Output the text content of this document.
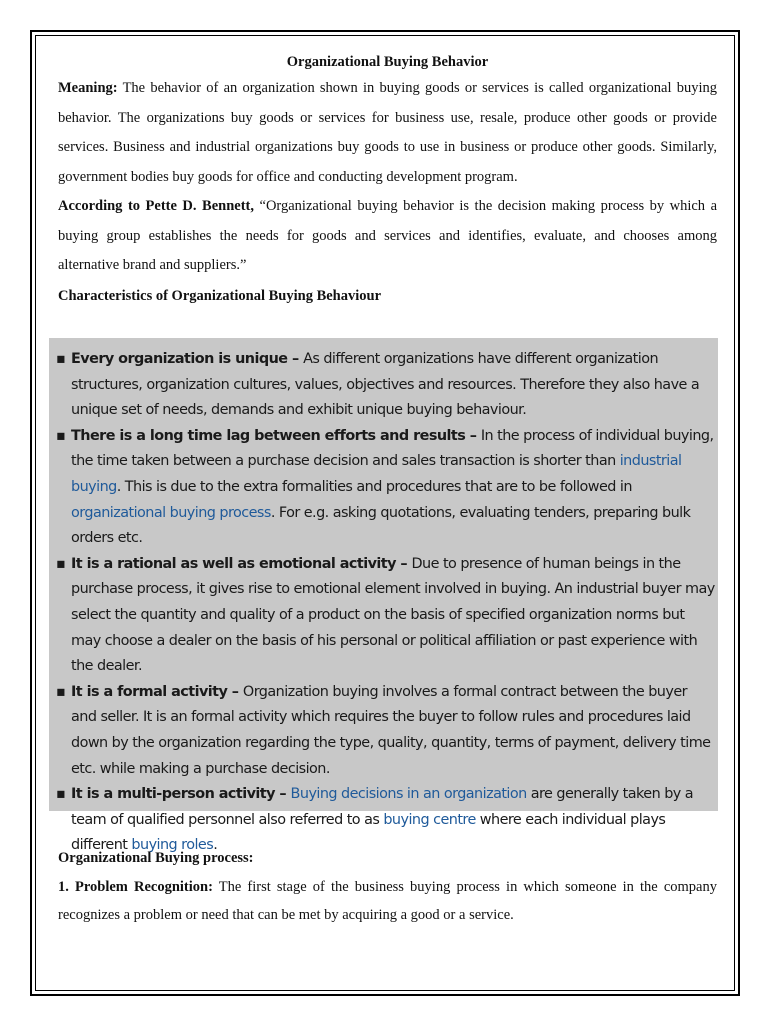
Organizational Buying Behavior

Meaning: The behavior of an organization shown in buying goods or services is called organizational buying behavior. The organizations buy goods or services for business use, resale, produce other goods or provide services. Business and industrial organizations buy goods to use in business or produce other goods. Similarly, government bodies buy goods for office and conducting development program.

According to Pette D. Bennett, “Organizational buying behavior is the decision making process by which a buying group establishes the needs for goods and services and identifies, evaluate, and chooses among alternative brand and suppliers.”

Characteristics of Organizational Buying Behaviour

▪ Every organization is unique – As different organizations have different organization structures, organization cultures, values, objectives and resources. Therefore they also have a unique set of needs, demands and exhibit unique buying behaviour.
▪ There is a long time lag between efforts and results – In the process of individual buying, the time taken between a purchase decision and sales transaction is shorter than industrial buying. This is due to the extra formalities and procedures that are to be followed in organizational buying process. For e.g. asking quotations, evaluating tenders, preparing bulk orders etc.
▪ It is a rational as well as emotional activity – Due to presence of human beings in the purchase process, it gives rise to emotional element involved in buying. An industrial buyer may select the quantity and quality of a product on the basis of specified organization norms but may choose a dealer on the basis of his personal or political affiliation or past experience with the dealer.
▪ It is a formal activity – Organization buying involves a formal contract between the buyer and seller. It is an formal activity which requires the buyer to follow rules and procedures laid down by the organization regarding the type, quality, quantity, terms of payment, delivery time etc. while making a purchase decision.
▪ It is a multi-person activity – Buying decisions in an organization are generally taken by a team of qualified personnel also referred to as buying centre where each individual plays different buying roles.

Organizational Buying process:

1. Problem Recognition: The first stage of the business buying process in which someone in the company recognizes a problem or need that can be met by acquiring a good or a service.
